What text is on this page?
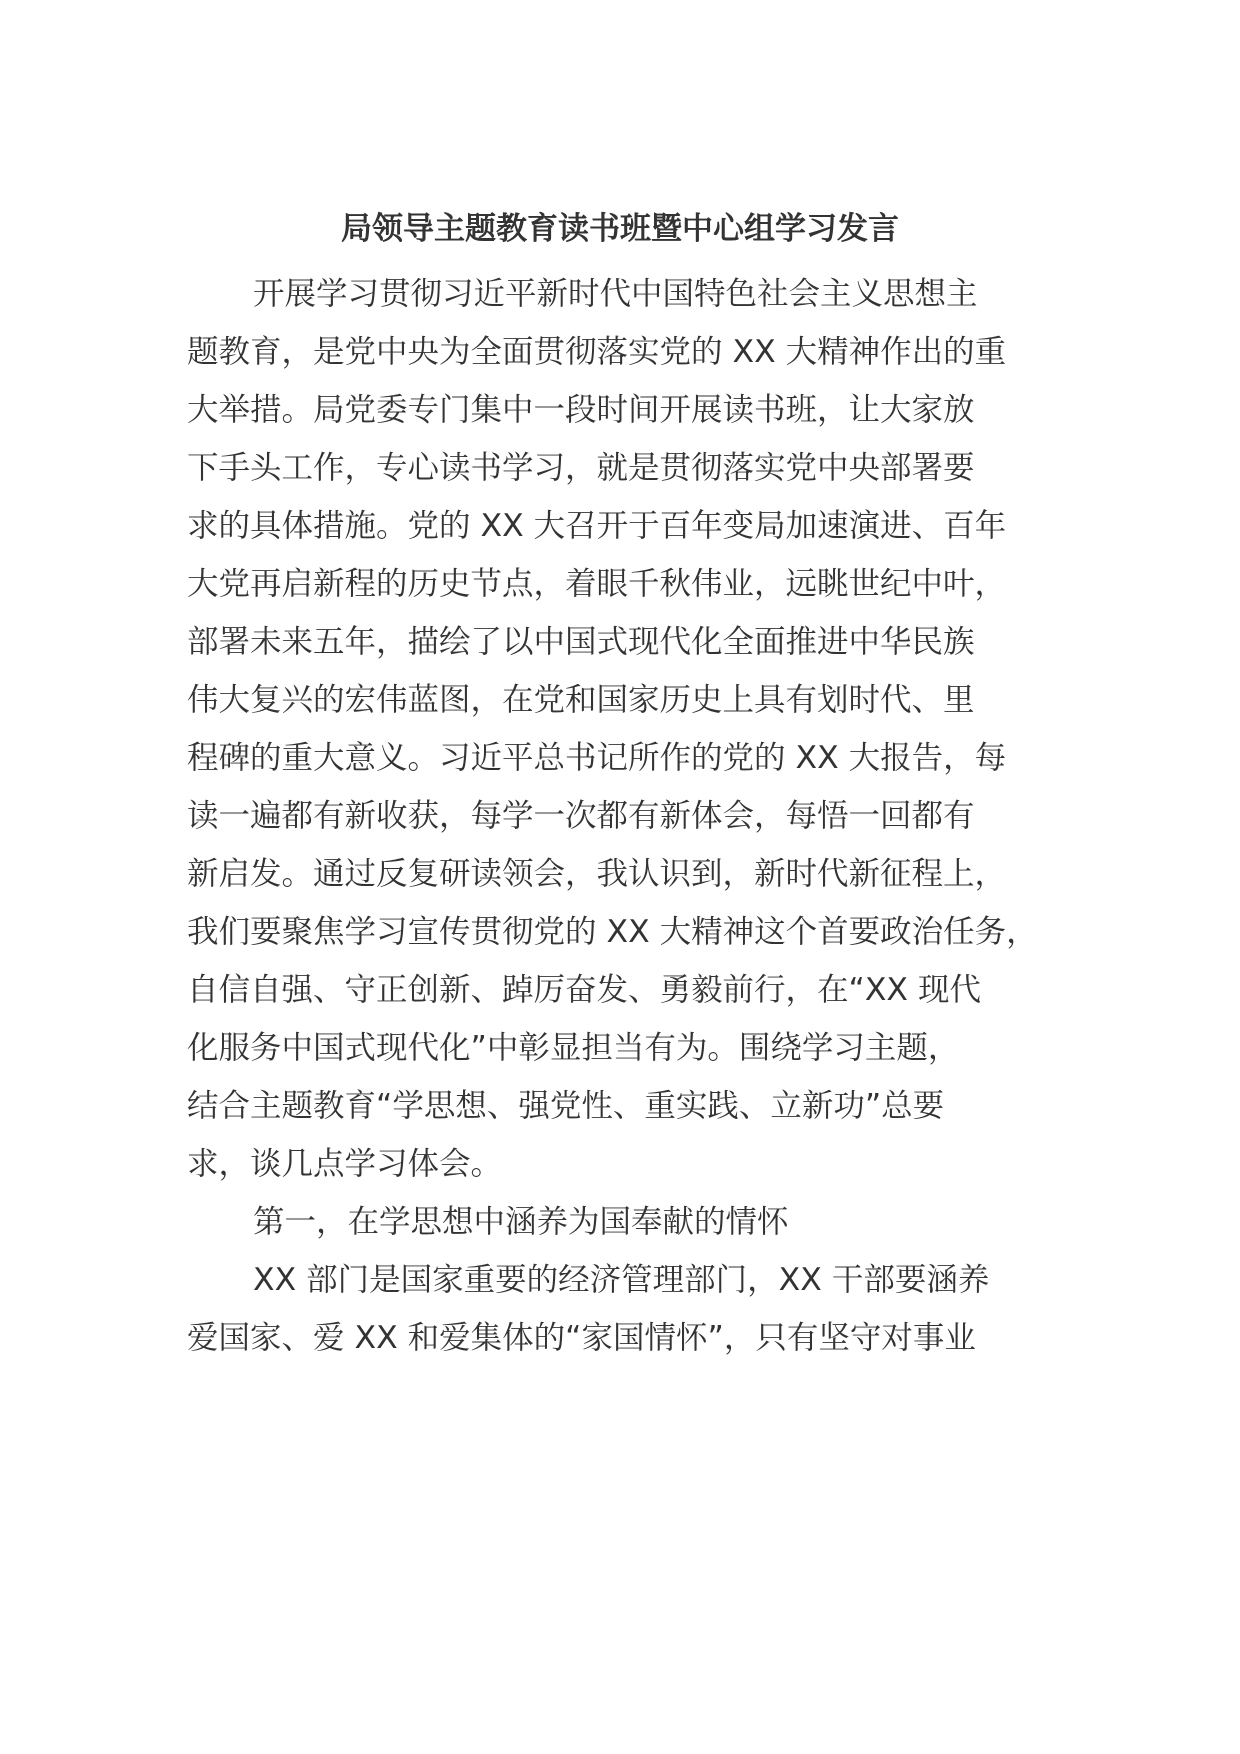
局领导主题教育读书班暨中心组学习发言
开展学习贯彻习近平新时代中国特色社会主义思想主
题教育，是党中央为全面贯彻落实党的 XX 大精神作出的重
大举措。局党委专门集中一段时间开展读书班，让大家放
下手头工作，专心读书学习，就是贯彻落实党中央部署要
求的具体措施。党的 XX 大召开于百年变局加速演进、百年
大党再启新程的历史节点，着眼千秋伟业，远眺世纪中叶，
部署未来五年，描绘了以中国式现代化全面推进中华民族
伟大复兴的宏伟蓝图，在党和国家历史上具有划时代、里
程碑的重大意义。习近平总书记所作的党的 XX 大报告，每
读一遍都有新收获，每学一次都有新体会，每悟一回都有
新启发。通过反复研读领会，我认识到，新时代新征程上，
我们要聚焦学习宣传贯彻党的 XX 大精神这个首要政治任务，
自信自强、守正创新、踔厉奋发、勇毅前行，在“XX 现代
化服务中国式现代化”中彰显担当有为。围绕学习主题，
结合主题教育“学思想、强党性、重实践、立新功”总要
求，谈几点学习体会。
第一，在学思想中涵养为国奉献的情怀
XX 部门是国家重要的经济管理部门，XX 干部要涵养
爱国家、爱 XX 和爱集体的“家国情怀”，只有坚守对事业
